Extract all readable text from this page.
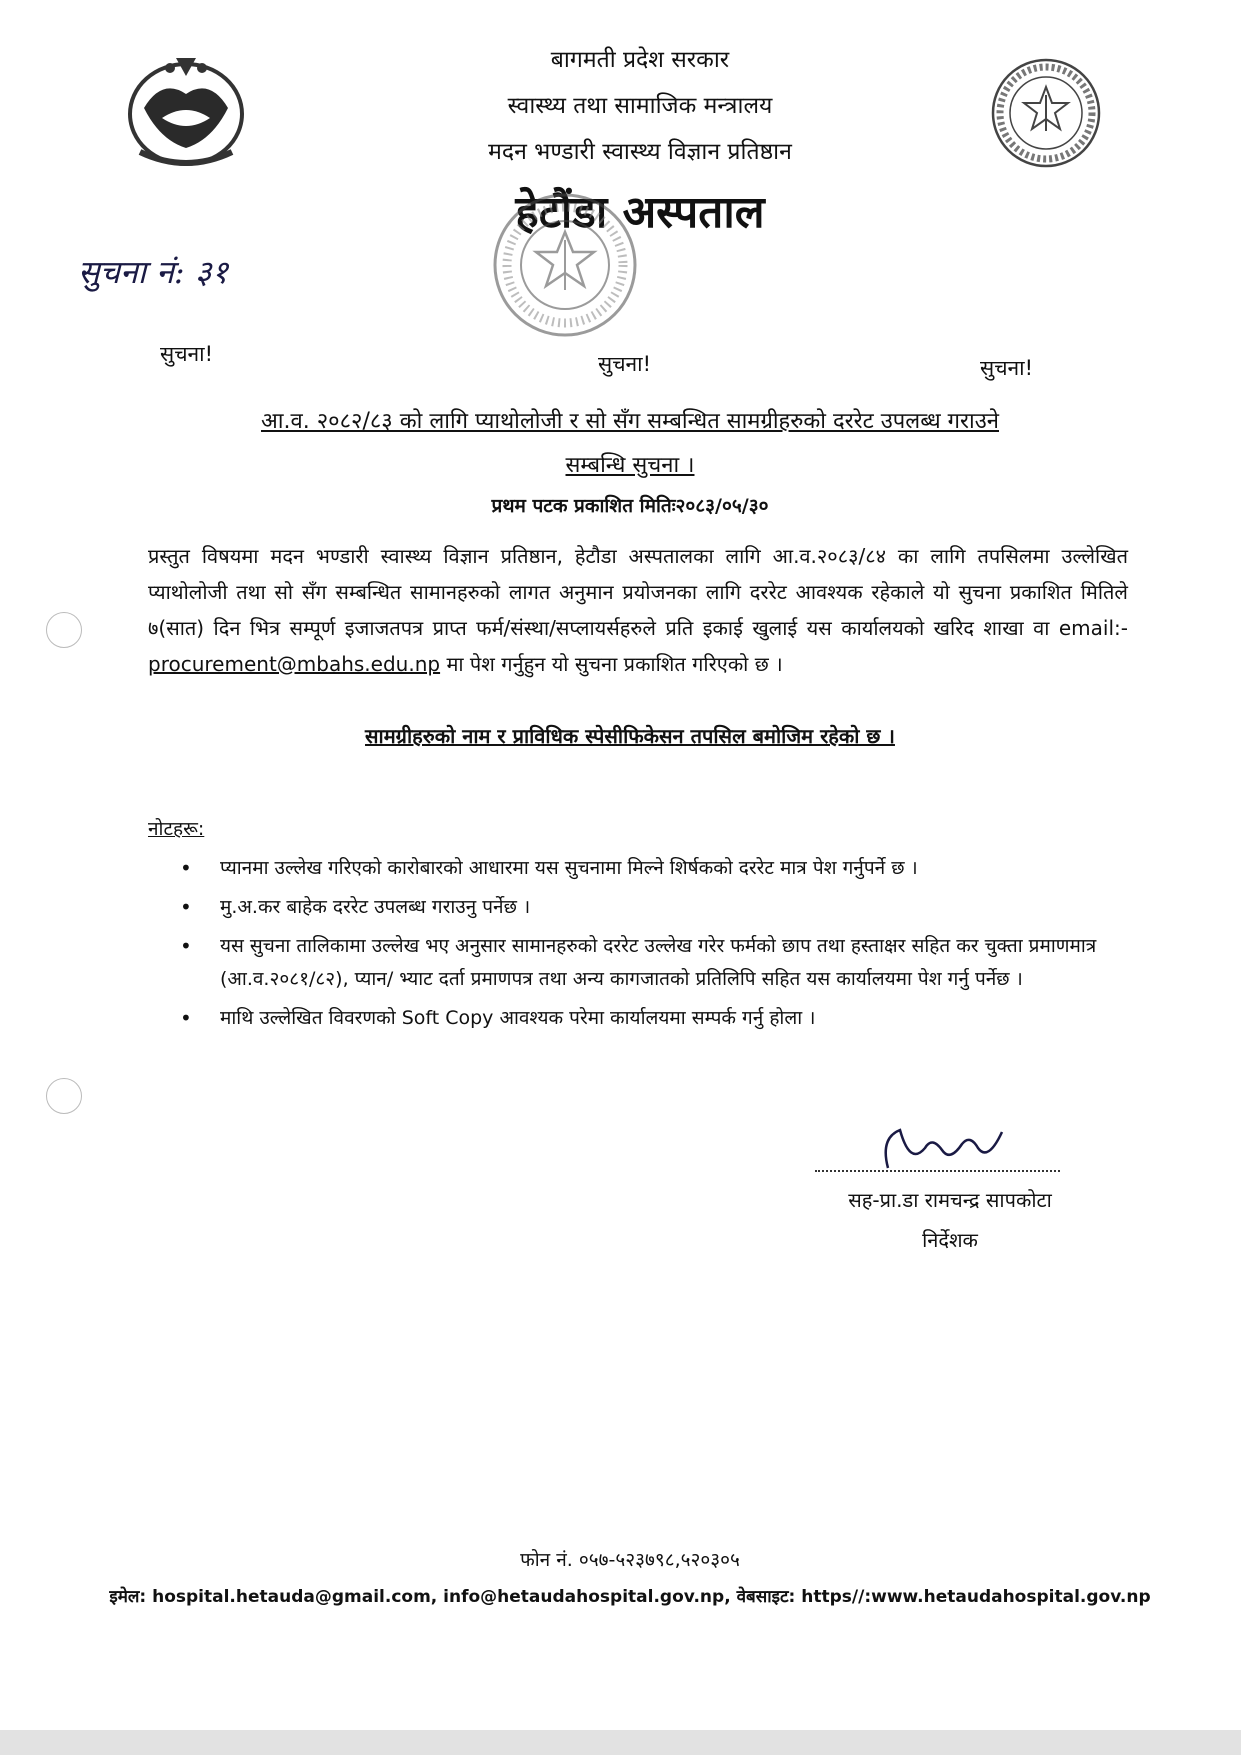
बागमती प्रदेश सरकार
स्वास्थ्य तथा सामाजिक मन्त्रालय
मदन भण्डारी स्वास्थ्य विज्ञान प्रतिष्ठान
हेटौंडा अस्पताल
सुचना नं: ३१
सुचना!	सुचना!	सुचना!
आ.व. २०८२/८३ को लागि प्याथोलोजी र सो सँग सम्बन्धित सामग्रीहरुको दररेट उपलब्ध गराउने
सम्बन्धि सुचना ।
प्रथम पटक प्रकाशित मितिः२०८३/०५/३०
प्रस्तुत विषयमा मदन भण्डारी स्वास्थ्य विज्ञान प्रतिष्ठान, हेटौडा अस्पतालका लागि आ.व.२०८३/८४ का लागि तपसिलमा उल्लेखित प्याथोलोजी तथा सो सँग सम्बन्धित सामानहरुको लागत अनुमान प्रयोजनका लागि दररेट आवश्यक रहेकाले यो सुचना प्रकाशित मितिले ७(सात) दिन भित्र सम्पूर्ण इजाजतपत्र प्राप्त फर्म/संस्था/सप्लायर्सहरुले प्रति इकाई खुलाई यस कार्यालयको खरिद शाखा वा email:- procurement@mbahs.edu.np मा पेश गर्नुहुन यो सुचना प्रकाशित गरिएको छ ।
सामग्रीहरुको नाम र प्राविधिक स्पेसीफिकेसन तपसिल बमोजिम रहेको छ ।
नोटहरू:
• प्यानमा उल्लेख गरिएको कारोबारको आधारमा यस सुचनामा मिल्ने शिर्षकको दररेट मात्र पेश गर्नुपर्ने छ ।
• मु.अ.कर बाहेक दररेट उपलब्ध गराउनु पर्नेछ ।
• यस सुचना तालिकामा उल्लेख भए अनुसार सामानहरुको दररेट उल्लेख गरेर फर्मको छाप तथा हस्ताक्षर सहित कर चुक्ता प्रमाणमात्र (आ.व.२०८१/८२), प्यान/ भ्याट दर्ता प्रमाणपत्र तथा अन्य कागजातको प्रतिलिपि सहित यस कार्यालयमा पेश गर्नु पर्नेछ ।
• माथि उल्लेखित विवरणको Soft Copy आवश्यक परेमा कार्यालयमा सम्पर्क गर्नु होला ।
सह-प्रा.डा रामचन्द्र सापकोटा
निर्देशक
फोन नं. ०५७-५२३७९८,५२०३०५
इमेल: hospital.hetauda@gmail.com, info@hetaudahospital.gov.np, वेबसाइट: https//:www.hetaudahospital.gov.np
